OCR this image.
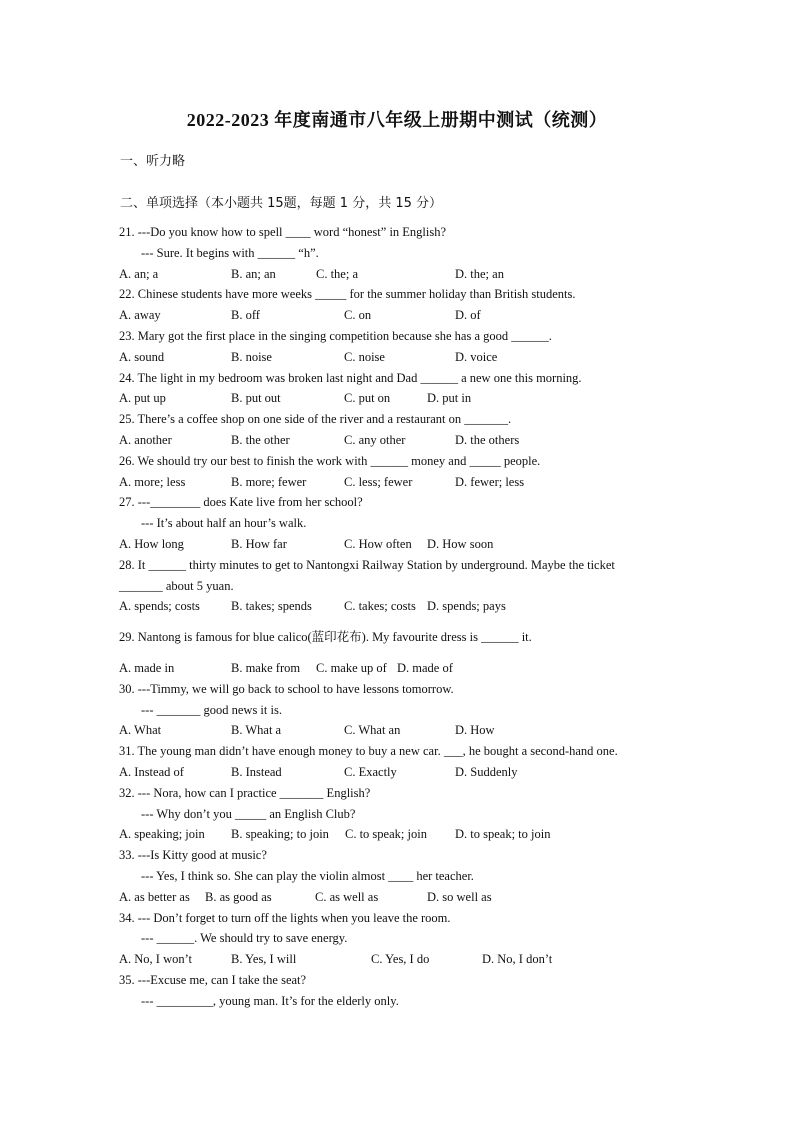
2022-2023 年度南通市八年级上册期中测试（统测）
一、听力略
二、单项选择（本小题共 15题，每题 1 分，共 15 分）
21. ---Do you know how to spell ____ word “honest” in English?
--- Sure. It begins with ______ “h”.
A. an; a	B. an; an	C. the; a	D. the; an
22. Chinese students have more weeks _____ for the summer holiday than British students.
A. away	B. off	C. on	D. of
23. Mary got the first place in the singing competition because she has a good ______.
A. sound	B. noise	C. noise	D. voice
24. The light in my bedroom was broken last night and Dad ______ a new one this morning.
A. put up	B. put out	C. put on	D. put in
25. There’s a coffee shop on one side of the river and a restaurant on _______.
A. another	B. the other	C. any other	D. the others
26. We should try our best to finish the work with ______ money and _____ people.
A. more; less	B. more; fewer	C. less; fewer	D. fewer; less
27. ---________ does Kate live from her school?
--- It’s about half an hour’s walk.
A. How long	B. How far	C. How often D. How soon
28. It ______ thirty minutes to get to Nantongxi Railway Station by underground. Maybe the ticket
_______ about 5 yuan.
A. spends; costs B. takes; spends	C. takes; costs D. spends; pays
29. Nantong is famous for blue calico(蓝印花布). My favourite dress is ______ it.
A. made in	B. make from C. make up of D. made of
30. ---Timmy, we will go back to school to have lessons tomorrow.
--- _______ good news it is.
A. What	B. What a	C. What an	D. How
31. The young man didn’t have enough money to buy a new car. ___, he bought a second-hand one.
A. Instead of	B. Instead	C. Exactly	D. Suddenly
32. --- Nora, how can I practice _______ English?
--- Why don’t you _____ an English Club?
A. speaking; join B. speaking; to join C. to speak; join D. to speak; to join
33. ---Is Kitty good at music?
--- Yes, I think so. She can play the violin almost ____ her teacher.
A. as better as B. as good as	C. as well as	D. so well as
34. --- Don’t forget to turn off the lights when you leave the room.
--- ______. We should try to save energy.
A. No, I won’t	B. Yes, I will	C. Yes, I do	D. No, I don’t
35. ---Excuse me, can I take the seat?
--- _________, young man. It’s for the elderly only.
